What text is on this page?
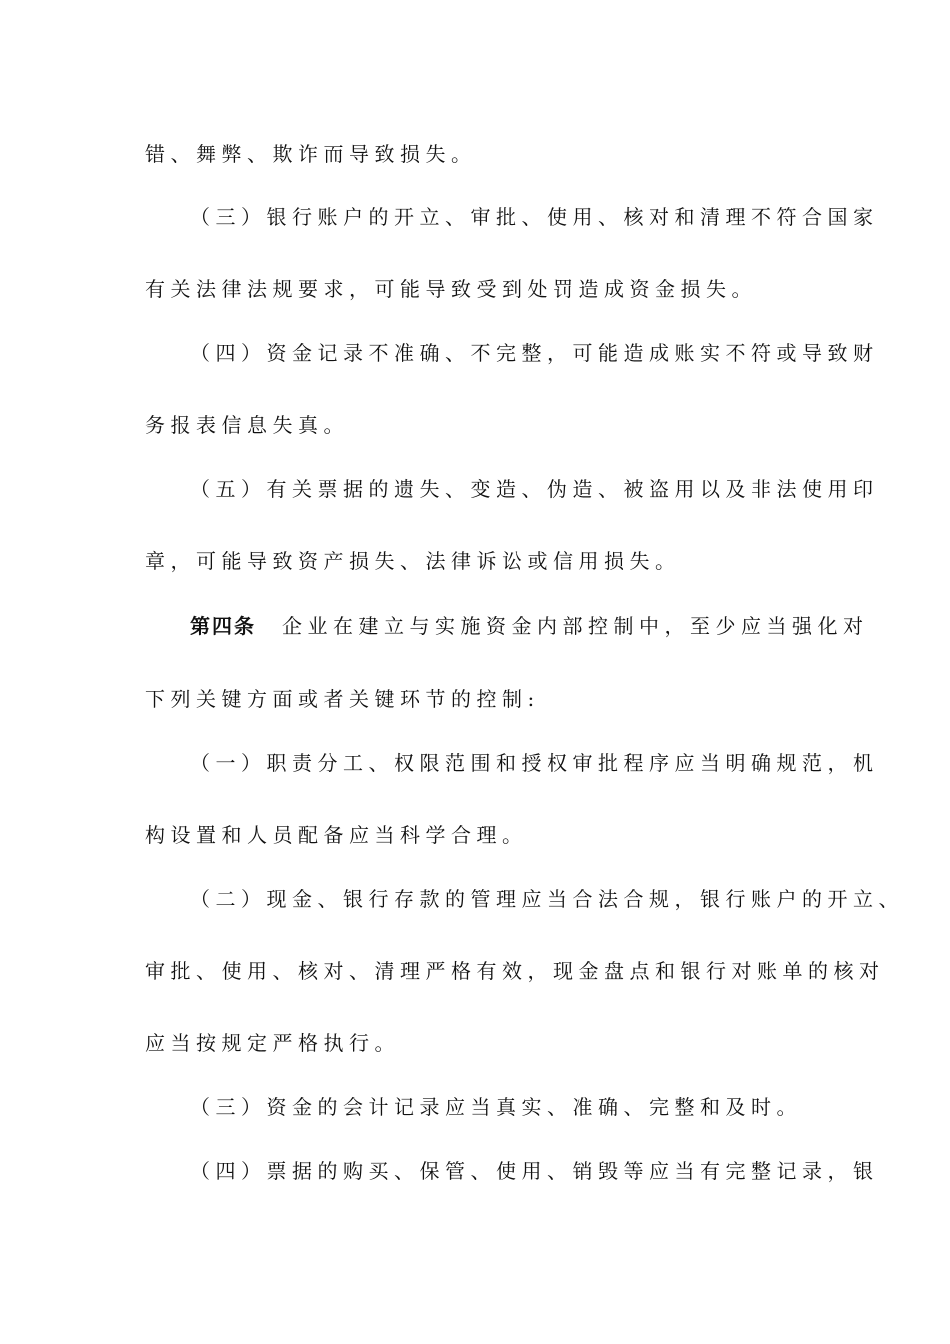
错、舞弊、欺诈而导致损失。
（三）银行账户的开立、审批、使用、核对和清理不符合国家
有关法律法规要求，可能导致受到处罚造成资金损失。
（四）资金记录不准确、不完整，可能造成账实不符或导致财
务报表信息失真。
（五）有关票据的遗失、变造、伪造、被盗用以及非法使用印
章，可能导致资产损失、法律诉讼或信用损失。
第四条 企业在建立与实施资金内部控制中，至少应当强化对
下列关键方面或者关键环节的控制:
（一）职责分工、权限范围和授权审批程序应当明确规范，机
构设置和人员配备应当科学合理。
（二）现金、银行存款的管理应当合法合规，银行账户的开立、
审批、使用、核对、清理严格有效，现金盘点和银行对账单的核对
应当按规定严格执行。
（三）资金的会计记录应当真实、准确、完整和及时。
（四）票据的购买、保管、使用、销毁等应当有完整记录，银
